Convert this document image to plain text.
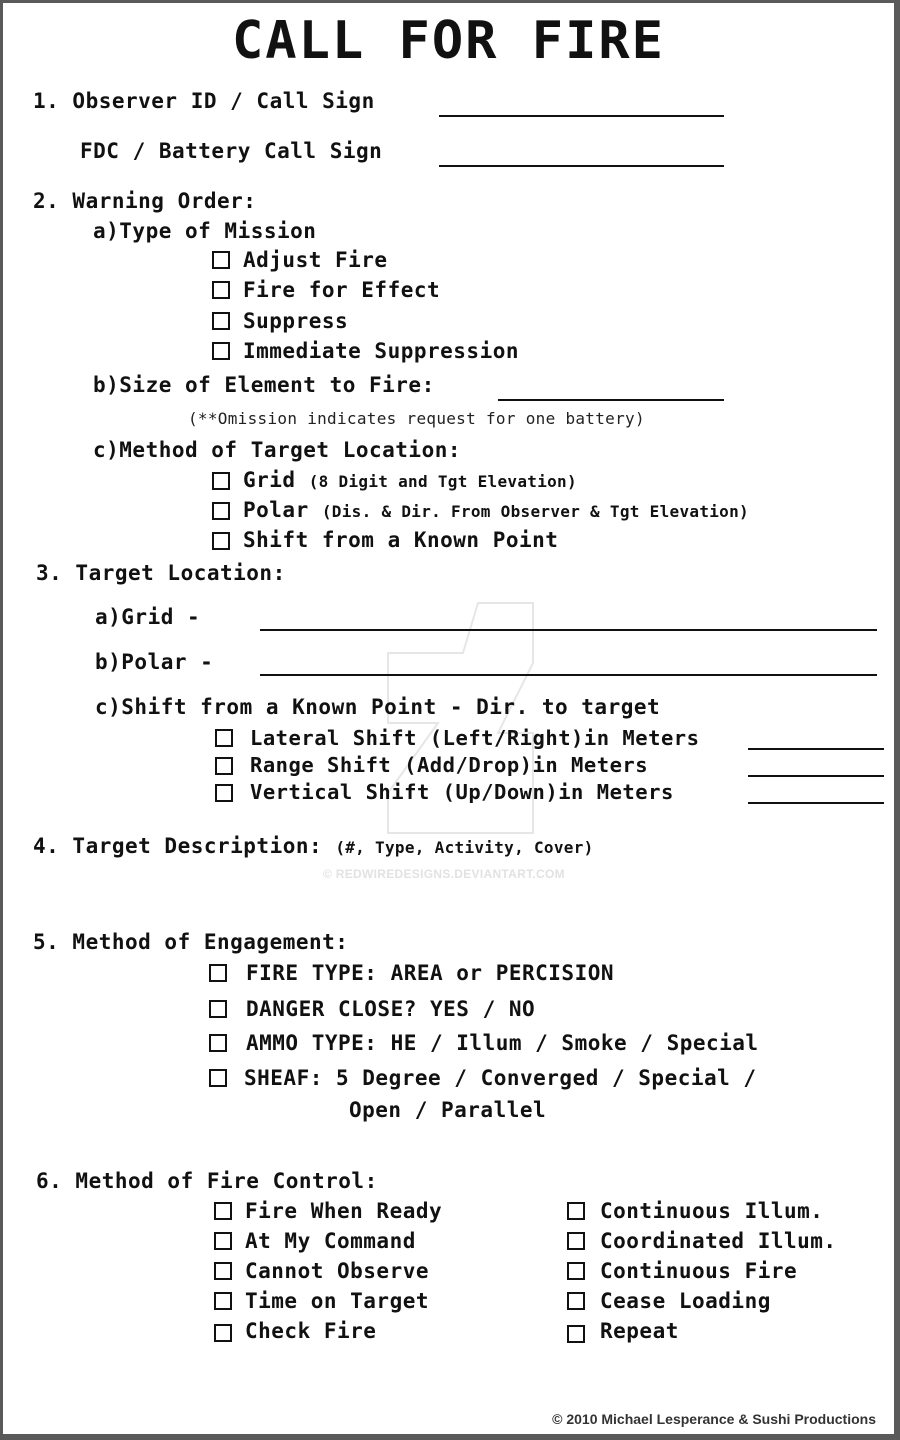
CALL FOR FIRE
© REDWIREDESIGNS.DEVIANTART.COM
1. Observer ID / Call Sign
FDC / Battery Call Sign
2. Warning Order:
a)Type of Mission
Adjust Fire
Fire for Effect
Suppress
Immediate Suppression
b)Size of Element to Fire:
(**Omission indicates request for one battery)
c)Method of Target Location:
Grid (8 Digit and Tgt Elevation)
Polar (Dis. & Dir. From Observer & Tgt Elevation)
Shift from a Known Point
3. Target Location:
a)Grid -
b)Polar -
c)Shift from a Known Point - Dir. to target
Lateral Shift (Left/Right)in Meters
Range Shift (Add/Drop)in Meters
Vertical Shift (Up/Down)in Meters
4. Target Description: (#, Type, Activity, Cover)
5. Method of Engagement:
FIRE TYPE: AREA or PERCISION
DANGER CLOSE? YES / NO
AMMO TYPE: HE / Illum / Smoke / Special
SHEAF: 5 Degree / Converged / Special /
Open / Parallel
6. Method of Fire Control:
Fire When Ready
At My Command
Cannot Observe
Time on Target
Check Fire
Continuous Illum.
Coordinated Illum.
Continuous Fire
Cease Loading
Repeat
© 2010 Michael Lesperance & Sushi Productions
